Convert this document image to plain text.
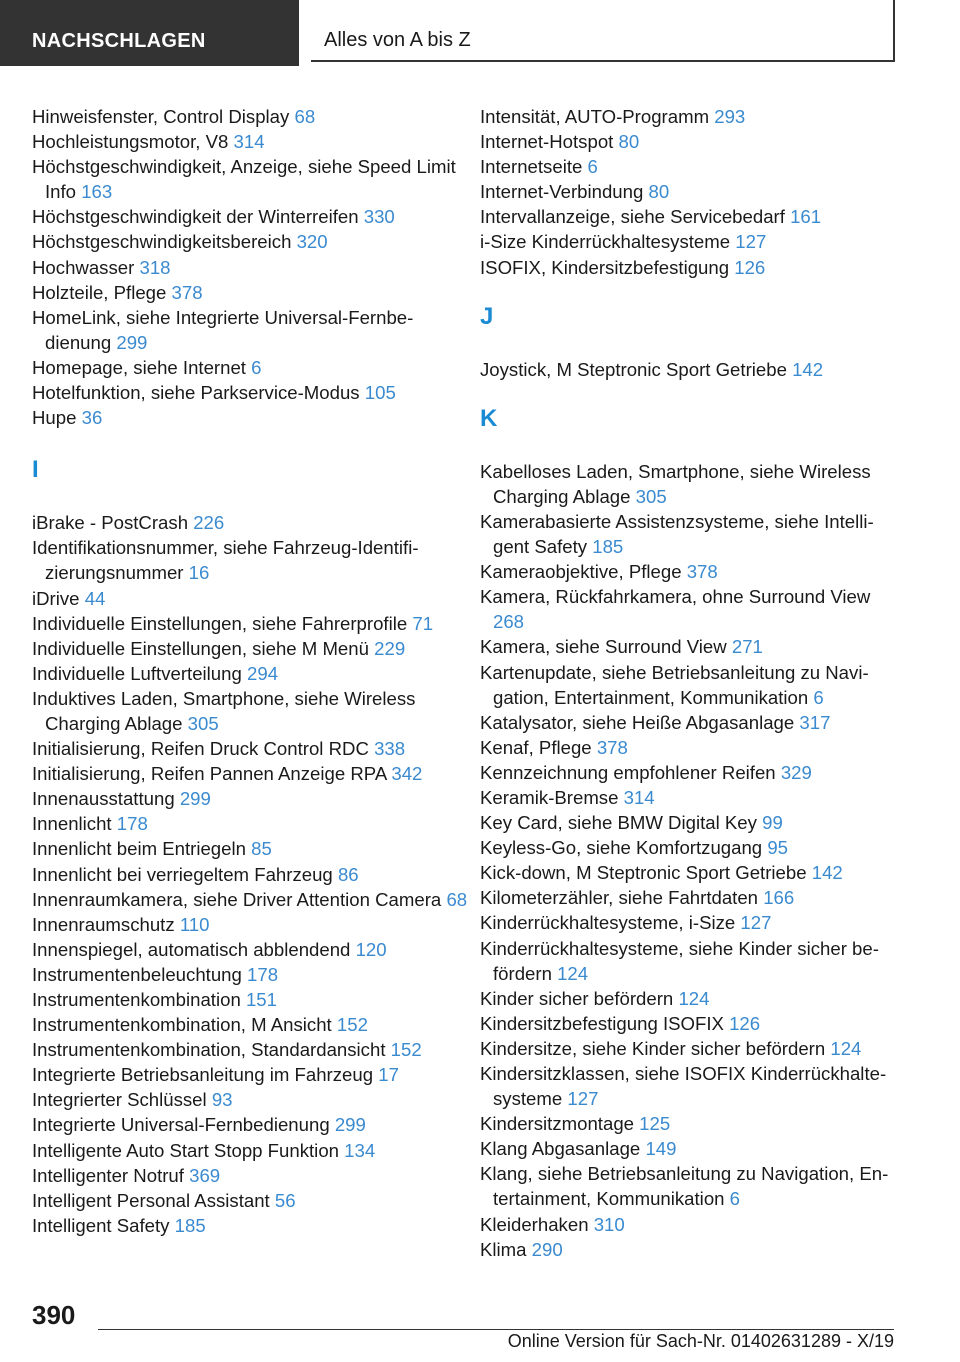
NACHSCHLAGEN	Alles von A bis Z
Hinweisfenster, Control Display 68
Hochleistungsmotor, V8 314
Höchstgeschwindigkeit, Anzeige, siehe Speed Limit Info 163
Höchstgeschwindigkeit der Winterreifen 330
Höchstgeschwindigkeitsbereich 320
Hochwasser 318
Holzteile, Pflege 378
HomeLink, siehe Integrierte Universal-Fernbedienung 299
Homepage, siehe Internet 6
Hotelfunktion, siehe Parkservice-Modus 105
Hupe 36
I
iBrake - PostCrash 226
Identifikationsnummer, siehe Fahrzeug-Identifizierungsnummer 16
iDrive 44
Individuelle Einstellungen, siehe Fahrerprofile 71
Individuelle Einstellungen, siehe M Menü 229
Individuelle Luftverteilung 294
Induktives Laden, Smartphone, siehe Wireless Charging Ablage 305
Initialisierung, Reifen Druck Control RDC 338
Initialisierung, Reifen Pannen Anzeige RPA 342
Innenausstattung 299
Innenlicht 178
Innenlicht beim Entriegeln 85
Innenlicht bei verriegeltem Fahrzeug 86
Innenraumkamera, siehe Driver Attention Camera 68
Innenraumschutz 110
Innenspiegel, automatisch abblendend 120
Instrumentenbeleuchtung 178
Instrumentenkombination 151
Instrumentenkombination, M Ansicht 152
Instrumentenkombination, Standardansicht 152
Integrierte Betriebsanleitung im Fahrzeug 17
Integrierter Schlüssel 93
Integrierte Universal-Fernbedienung 299
Intelligente Auto Start Stopp Funktion 134
Intelligenter Notruf 369
Intelligent Personal Assistant 56
Intelligent Safety 185
Intensität, AUTO-Programm 293
Internet-Hotspot 80
Internetseite 6
Internet-Verbindung 80
Intervallanzeige, siehe Servicebedarf 161
i-Size Kinderrückhaltesysteme 127
ISOFIX, Kindersitzbefestigung 126
J
Joystick, M Steptronic Sport Getriebe 142
K
Kabelloses Laden, Smartphone, siehe Wireless Charging Ablage 305
Kamerabasierte Assistenzsysteme, siehe Intelligent Safety 185
Kameraobjektive, Pflege 378
Kamera, Rückfahrkamera, ohne Surround View 268
Kamera, siehe Surround View 271
Kartenupdate, siehe Betriebsanleitung zu Navigation, Entertainment, Kommunikation 6
Katalysator, siehe Heiße Abgasanlage 317
Kenaf, Pflege 378
Kennzeichnung empfohlener Reifen 329
Keramik-Bremse 314
Key Card, siehe BMW Digital Key 99
Keyless-Go, siehe Komfortzugang 95
Kick-down, M Steptronic Sport Getriebe 142
Kilometerzähler, siehe Fahrtdaten 166
Kinderrückhaltesysteme, i-Size 127
Kinderrückhaltesysteme, siehe Kinder sicher befördern 124
Kinder sicher befördern 124
Kindersitzbefestigung ISOFIX 126
Kindersitze, siehe Kinder sicher befördern 124
Kindersitzklassen, siehe ISOFIX Kinderrückhaltesysteme 127
Kindersitzmontage 125
Klang Abgasanlage 149
Klang, siehe Betriebsanleitung zu Navigation, Entertainment, Kommunikation 6
Kleiderhaken 310
Klima 290
390
Online Version für Sach-Nr. 01402631289 - X/19
